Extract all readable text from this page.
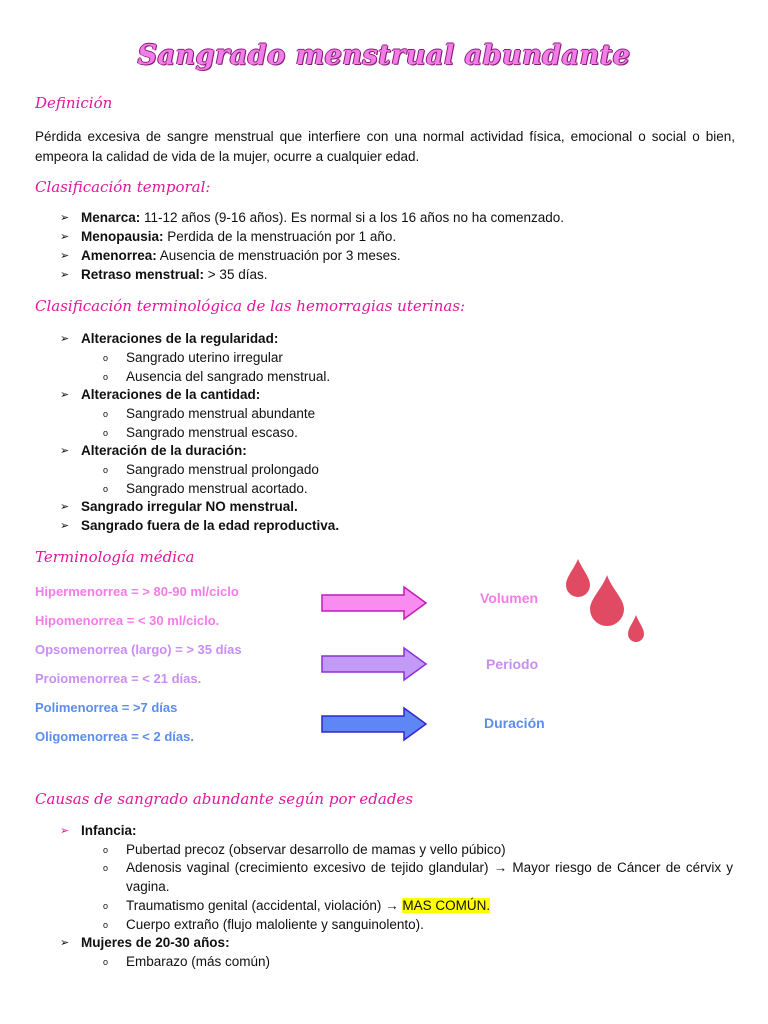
Sangrado menstrual abundante
Definición
Pérdida excesiva de sangre menstrual que interfiere con una normal actividad física, emocional o social o bien, empeora la calidad de vida de la mujer, ocurre a cualquier edad.
Clasificación temporal:
➢ Menarca: 11-12 años (9-16 años). Es normal si a los 16 años no ha comenzado.
➢ Menopausia: Perdida de la menstruación por 1 año.
➢ Amenorrea: Ausencia de menstruación por 3 meses.
➢ Retraso menstrual: > 35 días.
Clasificación terminológica de las hemorragias uterinas:
➢ Alteraciones de la regularidad:
o Sangrado uterino irregular
o Ausencia del sangrado menstrual.
➢ Alteraciones de la cantidad:
o Sangrado menstrual abundante
o Sangrado menstrual escaso.
➢ Alteración de la duración:
o Sangrado menstrual prolongado
o Sangrado menstrual acortado.
➢ Sangrado irregular NO menstrual.
➢ Sangrado fuera de la edad reproductiva.
Terminología médica
Hipermenorrea = > 80-90 ml/ciclo
Hipomenorrea = < 30 ml/ciclo.
Opsomenorrea (largo) = > 35 días
Proiomenorrea = < 21 días.
Polimenorrea = >7 días
Oligomenorrea = < 2 días.
Volumen
Periodo
Duración
Causas de sangrado abundante según por edades
➢ Infancia:
o Pubertad precoz (observar desarrollo de mamas y vello púbico)
o Adenosis vaginal (crecimiento excesivo de tejido glandular) → Mayor riesgo de Cáncer de cérvix y
vagina.
o Traumatismo genital (accidental, violación) → MAS COMÚN.
o Cuerpo extraño (flujo maloliente y sanguinolento).
➢ Mujeres de 20-30 años:
o Embarazo (más común)
